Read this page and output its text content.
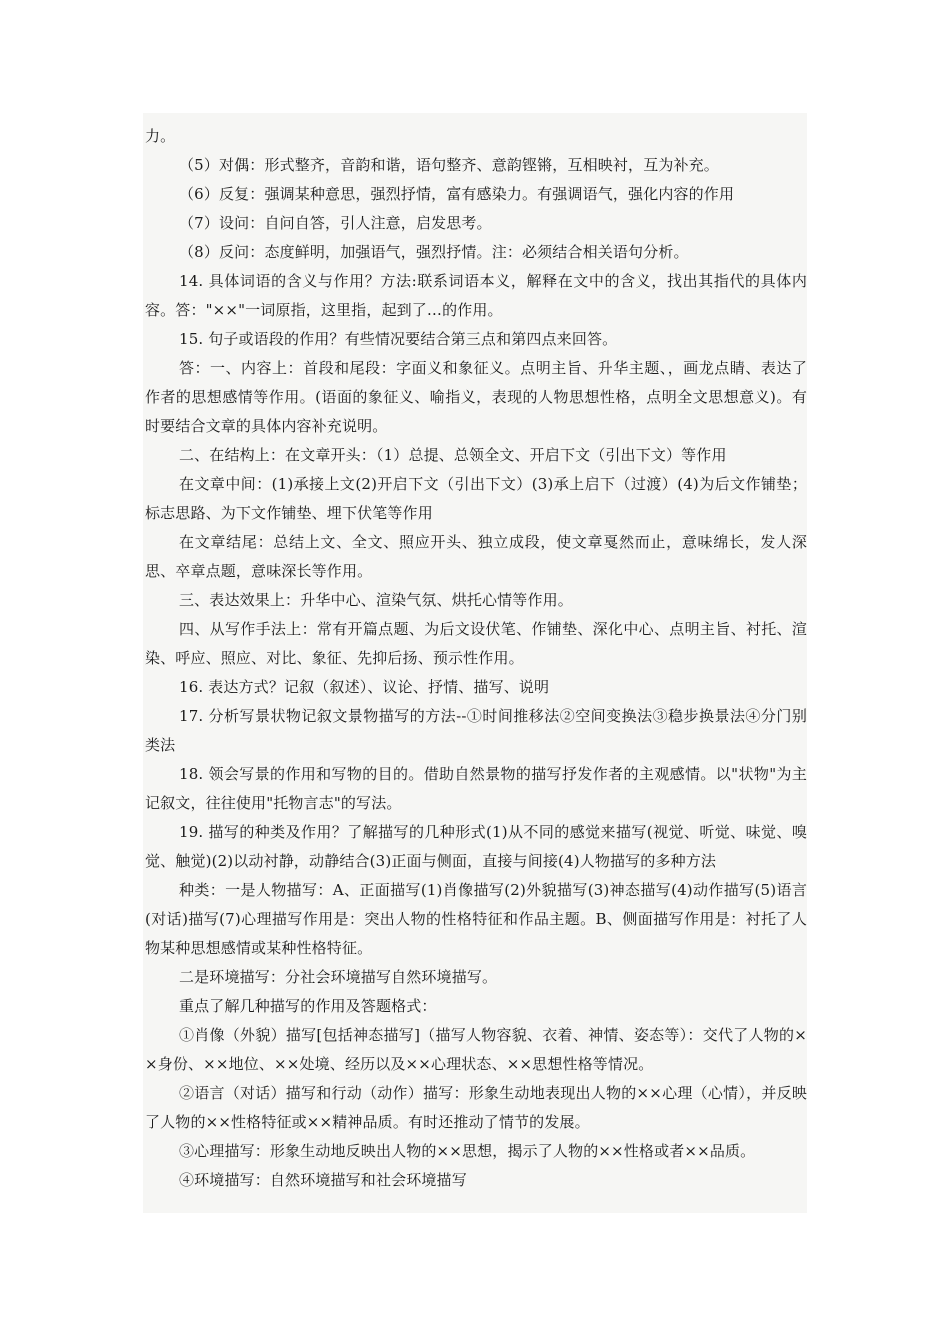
力。

（5）对偶：形式整齐，音韵和谐，语句整齐、意韵铿锵，互相映衬，互为补充。

（6）反复：强调某种意思，强烈抒情，富有感染力。有强调语气，强化内容的作用

（7）设问：自问自答，引人注意，启发思考。

（8）反问：态度鲜明，加强语气，强烈抒情。注：必须结合相关语句分析。

14. 具体词语的含义与作用？方法:联系词语本义，解释在文中的含义，找出其指代的具体内容。答："××"一词原指，这里指，起到了…的作用。

15. 句子或语段的作用？有些情况要结合第三点和第四点来回答。

答：一、内容上：首段和尾段：字面义和象征义。点明主旨、升华主题、，画龙点睛、表达了作者的思想感情等作用。(语面的象征义、喻指义，表现的人物思想性格，点明全文思想意义)。有时要结合文章的具体内容补充说明。

二、在结构上：在文章开头：（1）总提、总领全文、开启下文（引出下文）等作用

在文章中间：(1)承接上文(2)开启下文（引出下文）(3)承上启下（过渡）(4)为后文作铺垫；标志思路、为下文作铺垫、埋下伏笔等作用

在文章结尾：总结上文、全文、照应开头、独立成段，使文章戛然而止，意味绵长，发人深思、卒章点题，意味深长等作用。

三、表达效果上：升华中心、渲染气氛、烘托心情等作用。

四、从写作手法上：常有开篇点题、为后文设伏笔、作铺垫、深化中心、点明主旨、衬托、渲染、呼应、照应、对比、象征、先抑后扬、预示性作用。

16. 表达方式？记叙（叙述）、议论、抒情、描写、说明

17. 分析写景状物记叙文景物描写的方法--①时间推移法②空间变换法③稳步换景法④分门别类法

18. 领会写景的作用和写物的目的。借助自然景物的描写抒发作者的主观感情。以"状物"为主记叙文，往往使用"托物言志"的写法。

19. 描写的种类及作用？了解描写的几种形式(1)从不同的感觉来描写(视觉、听觉、味觉、嗅觉、触觉)(2)以动衬静，动静结合(3)正面与侧面，直接与间接(4)人物描写的多种方法

种类：一是人物描写：A、正面描写(1)肖像描写(2)外貌描写(3)神态描写(4)动作描写(5)语言(对话)描写(7)心理描写作用是：突出人物的性格特征和作品主题。B、侧面描写作用是：衬托了人物某种思想感情或某种性格特征。

二是环境描写：分社会环境描写自然环境描写。

重点了解几种描写的作用及答题格式：

①肖像（外貌）描写[包括神态描写]（描写人物容貌、衣着、神情、姿态等）：交代了人物的××身份、××地位、××处境、经历以及××心理状态、××思想性格等情况。

②语言（对话）描写和行动（动作）描写：形象生动地表现出人物的××心理（心情），并反映了人物的××性格特征或××精神品质。有时还推动了情节的发展。

③心理描写：形象生动地反映出人物的××思想，揭示了人物的××性格或者××品质。

④环境描写：自然环境描写和社会环境描写
